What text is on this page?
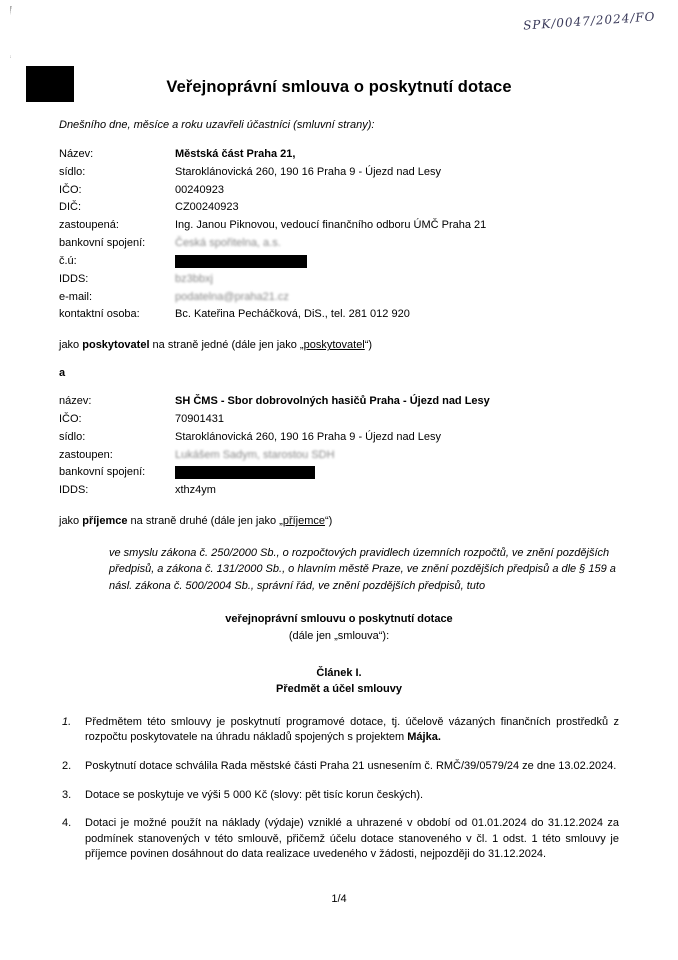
SPK/0047/2024/FO
Veřejnoprávní smlouva o poskytnutí dotace
Dnešního dne, měsíce a roku uzavřeli účastníci (smluvní strany):
Název:	Městská část Praha 21,
sídlo:	Staroklánovická 260, 190 16 Praha 9 - Újezd nad Lesy
IČO:	00240923
DIČ:	CZ00240923
zastoupená:	Ing. Janou Piknovou, vedoucí finančního odboru ÚMČ Praha 21
bankovní spojení:	Česká spořitelna, a.s.
č.ú:	
IDDS:	bz3bbxj
e-mail:	podatelna@praha21.cz
kontaktní osoba:	Bc. Kateřina Pecháčková, DiS., tel. 281 012 920
jako poskytovatel na straně jedné (dále jen jako „poskytovatel“)
a
název:	SH ČMS - Sbor dobrovolných hasičů Praha - Újezd nad Lesy
IČO:	70901431
sídlo:	Staroklánovická 260, 190 16 Praha 9 - Újezd nad Lesy
zastoupen:	Lukášem Sadym, starostou SDH
bankovní spojení:	
IDDS:	xthz4ym
jako příjemce na straně druhé (dále jen jako „příjemce“)
ve smyslu zákona č. 250/2000 Sb., o rozpočtových pravidlech územních rozpočtů, ve znění pozdějších předpisů, a zákona č. 131/2000 Sb., o hlavním městě Praze, ve znění pozdějších předpisů a dle § 159 a násl. zákona č. 500/2004 Sb., správní řád, ve znění pozdějších předpisů, tuto
veřejnoprávní smlouvu o poskytnutí dotace
(dále jen „smlouva“):
Článek I.
Předmět a účel smlouvy
1.	Předmětem této smlouvy je poskytnutí programové dotace, tj. účelově vázaných finančních prostředků z rozpočtu poskytovatele na úhradu nákladů spojených s projektem Májka.
2.	Poskytnutí dotace schválila Rada městské části Praha 21 usnesením č. RMČ/39/0579/24 ze dne 13.02.2024.
3.	Dotace se poskytuje ve výši 5 000 Kč (slovy: pět tisíc korun českých).
4.	Dotaci je možné použít na náklady (výdaje) vzniklé a uhrazené v období od 01.01.2024 do 31.12.2024 za podmínek stanovených v této smlouvě, přičemž účelu dotace stanoveného v čl. 1 odst. 1 této smlouvy je příjemce povinen dosáhnout do data realizace uvedeného v žádosti, nejpozději do 31.12.2024.
1/4
